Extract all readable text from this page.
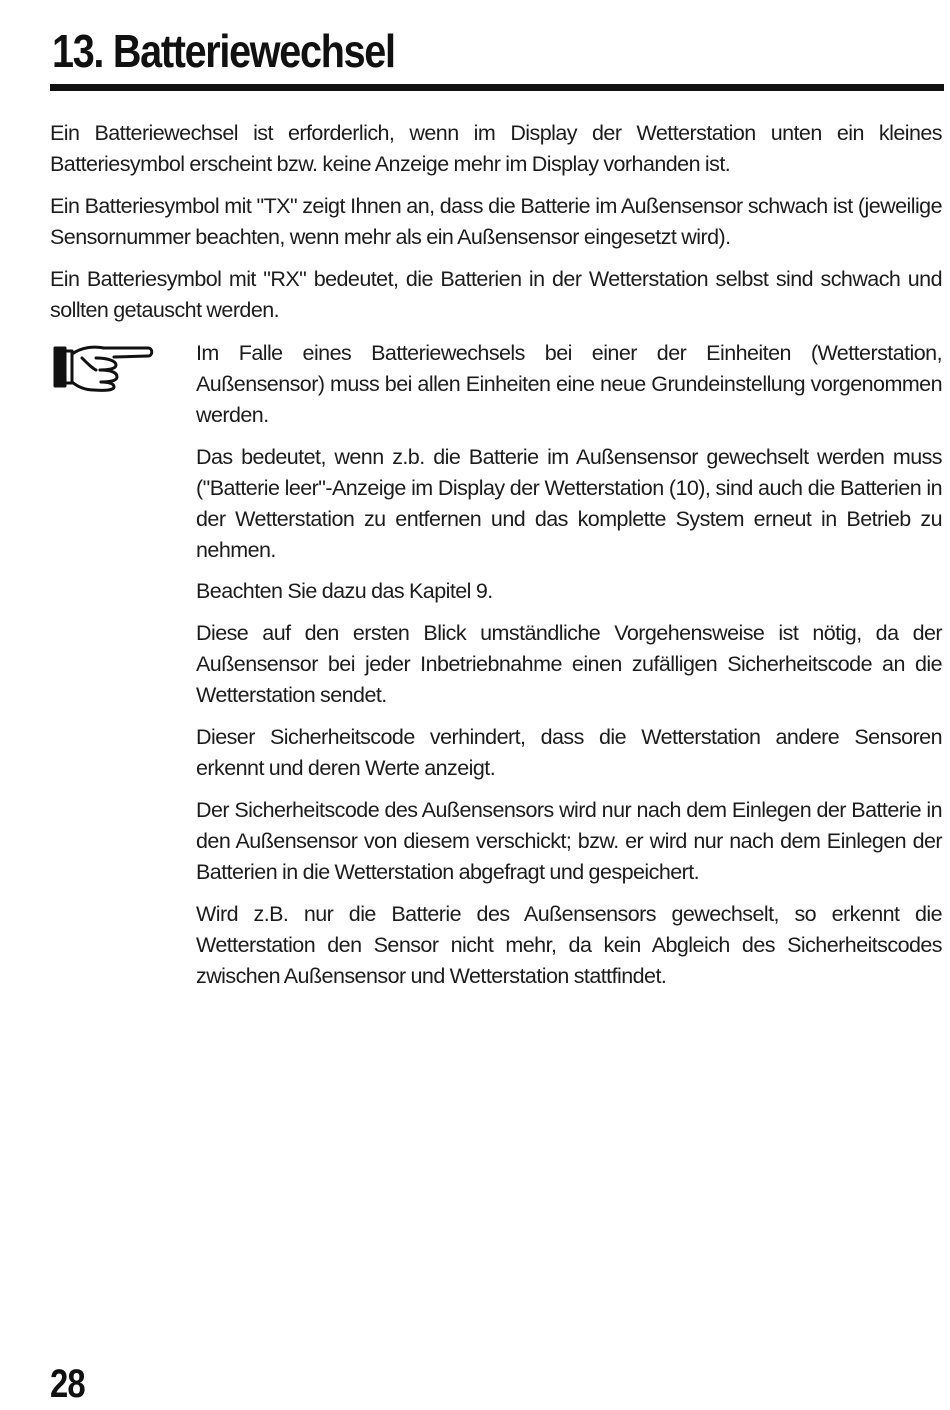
13. Batteriewechsel

Ein Batteriewechsel ist erforderlich, wenn im Display der Wetterstation unten ein kleines Batteriesymbol erscheint bzw. keine Anzeige mehr im Display vorhanden ist.

Ein Batteriesymbol mit "TX" zeigt Ihnen an, dass die Batterie im Außensensor schwach ist (jeweilige Sensornummer beachten, wenn mehr als ein Außensensor eingesetzt wird).

Ein Batteriesymbol mit "RX" bedeutet, die Batterien in der Wetterstation selbst sind schwach und sollten getauscht werden.

Im Falle eines Batteriewechsels bei einer der Einheiten (Wetterstation, Außensensor) muss bei allen Einheiten eine neue Grundeinstellung vorgenommen werden.

Das bedeutet, wenn z.b. die Batterie im Außensensor gewechselt werden muss ("Batterie leer"-Anzeige im Display der Wetterstation (10), sind auch die Batterien in der Wetterstation zu entfernen und das komplette System erneut in Betrieb zu nehmen.

Beachten Sie dazu das Kapitel 9.

Diese auf den ersten Blick umständliche Vorgehensweise ist nötig, da der Außensensor bei jeder Inbetriebnahme einen zufälligen Sicherheitscode an die Wetterstation sendet.

Dieser Sicherheitscode verhindert, dass die Wetterstation andere Sensoren erkennt und deren Werte anzeigt.

Der Sicherheitscode des Außensensors wird nur nach dem Einlegen der Batterie in den Außensensor von diesem verschickt; bzw. er wird nur nach dem Einlegen der Batterien in die Wetterstation abgefragt und gespeichert.

Wird z.B. nur die Batterie des Außensensors gewechselt, so erkennt die Wetterstation den Sensor nicht mehr, da kein Abgleich des Sicherheitscodes zwischen Außensensor und Wetterstation stattfindet.

28
